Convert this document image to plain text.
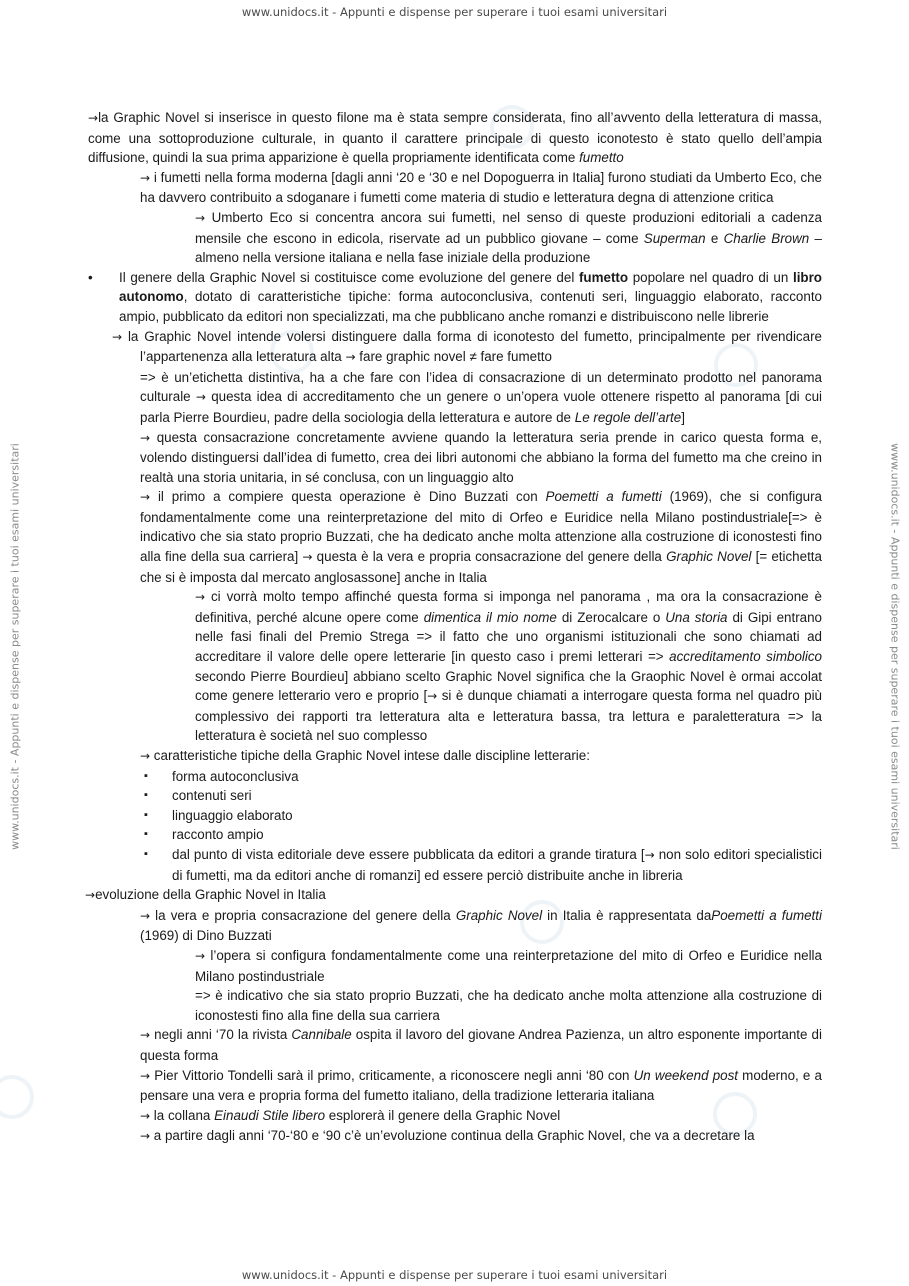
www.unidocs.it - Appunti e dispense per superare i tuoi esami universitari
www.unidocs.it - Appunti e dispense per superare i tuoi esami universitari	www.unidocs.it - Appunti e dispense per superare i tuoi esami universitari

→la Graphic Novel si inserisce in questo filone ma è stata sempre considerata, fino all’avvento della letteratura di massa, come una sottoproduzione culturale, in quanto il carattere principale di questo iconotesto è stato quello dell’ampia diffusione, quindi la sua prima apparizione è quella propriamente identificata come fumetto

→ i fumetti nella forma moderna [dagli anni ‘20 e ‘30 e nel Dopoguerra in Italia] furono studiati da Umberto Eco, che ha davvero contribuito a sdoganare i fumetti come materia di studio e letteratura degna di attenzione critica

→ Umberto Eco si concentra ancora sui fumetti, nel senso di queste produzioni editoriali a cadenza mensile che escono in edicola, riservate ad un pubblico giovane – come Superman e Charlie Brown – almeno nella versione italiana e nella fase iniziale della produzione

• Il genere della Graphic Novel si costituisce come evoluzione del genere del fumetto popolare nel quadro di un libro autonomo, dotato di caratteristiche tipiche: forma autoconclusiva, contenuti seri, linguaggio elaborato, racconto ampio, pubblicato da editori non specializzati, ma che pubblicano anche romanzi e distribuiscono nelle librerie

→ la Graphic Novel intende volersi distinguere dalla forma di iconotesto del fumetto, principalmente per rivendicare l’appartenenza alla letteratura alta → fare graphic novel ≠ fare fumetto

=> è un’etichetta distintiva, ha a che fare con l’idea di consacrazione di un determinato prodotto nel panorama culturale → questa idea di accreditamento che un genere o un’opera vuole ottenere rispetto al panorama [di cui parla Pierre Bourdieu, padre della sociologia della letteratura e autore de Le regole dell’arte]

→ questa consacrazione concretamente avviene quando la letteratura seria prende in carico questa forma e, volendo distinguersi dall’idea di fumetto, crea dei libri autonomi che abbiano la forma del fumetto ma che creino in realtà una storia unitaria, in sé conclusa, con un linguaggio alto

→ il primo a compiere questa operazione è Dino Buzzati con Poemetti a fumetti (1969), che si configura fondamentalmente come una reinterpretazione del mito di Orfeo e Euridice nella Milano postindustriale[=> è indicativo che sia stato proprio Buzzati, che ha dedicato anche molta attenzione alla costruzione di iconostesti fino alla fine della sua carriera] → questa è la vera e propria consacrazione del genere della Graphic Novel [= etichetta che si è imposta dal mercato anglosassone] anche in Italia

→ ci vorrà molto tempo affinché questa forma si imponga nel panorama , ma ora la consacrazione è definitiva, perché alcune opere come dimentica il mio nome di Zerocalcare o Una storia di Gipi entrano nelle fasi finali del Premio Strega => il fatto che uno organismi istituzionali che sono chiamati ad accreditare il valore delle opere letterarie [in questo caso i premi letterari => accreditamento simbolico secondo Pierre Bourdieu] abbiano scelto Graphic Novel significa che la Graophic Novel è ormai accolat come genere letterario vero e proprio [→ si è dunque chiamati a interrogare questa forma nel quadro più complessivo dei rapporti tra letteratura alta e letteratura bassa, tra lettura e paraletteratura => la letteratura è società nel suo complesso

→ caratteristiche tipiche della Graphic Novel intese dalle discipline letterarie:

▪ forma autoconclusiva

▪ contenuti seri

▪ linguaggio elaborato

▪ racconto ampio

▪ dal punto di vista editoriale deve essere pubblicata da editori a grande tiratura [→ non solo editori specialistici di fumetti, ma da editori anche di romanzi] ed essere perciò distribuite anche in libreria

→evoluzione della Graphic Novel in Italia

→ la vera e propria consacrazione del genere della Graphic Novel in Italia è rappresentata daPoemetti a fumetti (1969) di Dino Buzzati

→ l’opera si configura fondamentalmente come una reinterpretazione del mito di Orfeo e Euridice nella Milano postindustriale

=> è indicativo che sia stato proprio Buzzati, che ha dedicato anche molta attenzione alla costruzione di iconostesti fino alla fine della sua carriera

→ negli anni ‘70 la rivista Cannibale ospita il lavoro del giovane Andrea Pazienza, un altro esponente importante di questa forma

→ Pier Vittorio Tondelli sarà il primo, criticamente, a riconoscere negli anni ‘80 con Un weekend post moderno, e a pensare una vera e propria forma del fumetto italiano, della tradizione letteraria italiana

→ la collana Einaudi Stile libero esplorerà il genere della Graphic Novel

→ a partire dagli anni ‘70-‘80 e ‘90 c’è un’evoluzione continua della Graphic Novel, che va a decretare la

www.unidocs.it - Appunti e dispense per superare i tuoi esami universitari
